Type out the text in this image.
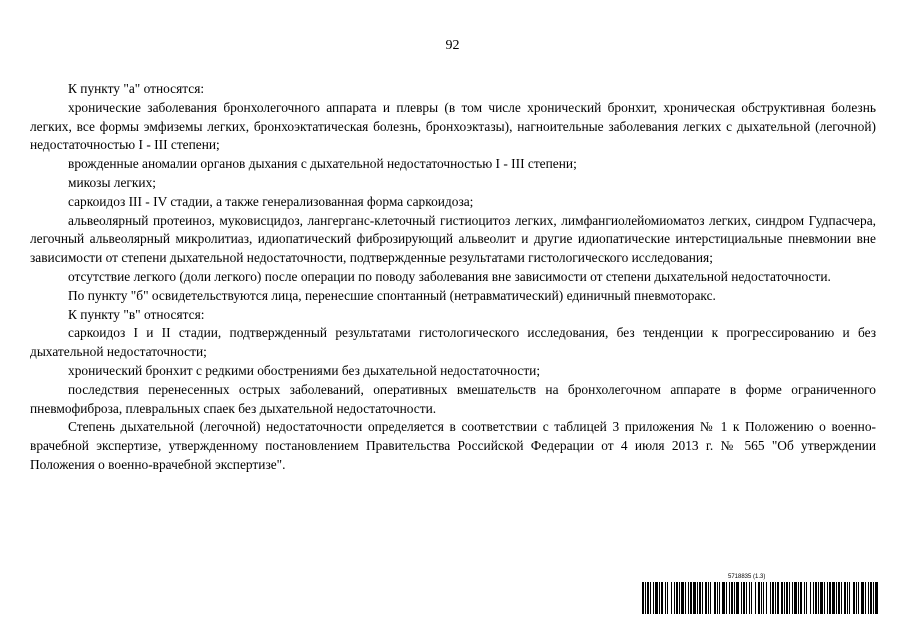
92

К пункту "а" относятся:

хронические заболевания бронхолегочного аппарата и плевры (в том числе хронический бронхит, хроническая обструктивная болезнь легких, все формы эмфиземы легких, бронхоэктатическая болезнь, бронхоэктазы), нагноительные заболевания легких с дыхательной (легочной) недостаточностью I - III степени;

врожденные аномалии органов дыхания с дыхательной недостаточностью I - III степени;

микозы легких;

саркоидоз III - IV стадии, а также генерализованная форма саркоидоза;

альвеолярный протеиноз, муковисцидоз, лангерганс-клеточный гистиоцитоз легких, лимфангиолейомиоматоз легких, синдром Гудпасчера, легочный альвеолярный микролитиаз, идиопатический фиброзирующий альвеолит и другие идиопатические интерстициальные пневмонии вне зависимости от степени дыхательной недостаточности, подтвержденные результатами гистологического исследования;

отсутствие легкого (доли легкого) после операции по поводу заболевания вне зависимости от степени дыхательной недостаточности.

По пункту "б" освидетельствуются лица, перенесшие спонтанный (нетравматический) единичный пневмоторакс.

К пункту "в" относятся:

саркоидоз I и II стадии, подтвержденный результатами гистологического исследования, без тенденции к прогрессированию и без дыхательной недостаточности;

хронический бронхит с редкими обострениями без дыхательной недостаточности;

последствия перенесенных острых заболеваний, оперативных вмешательств на бронхолегочном аппарате в форме ограниченного пневмофиброза, плевральных спаек без дыхательной недостаточности.

Степень дыхательной (легочной) недостаточности определяется в соответствии с таблицей 3 приложения № 1 к Положению о военно-врачебной экспертизе, утвержденному постановлением Правительства Российской Федерации от 4 июля 2013 г. № 565 "Об утверждении Положения о военно-врачебной экспертизе".

5718835 (1.3)
